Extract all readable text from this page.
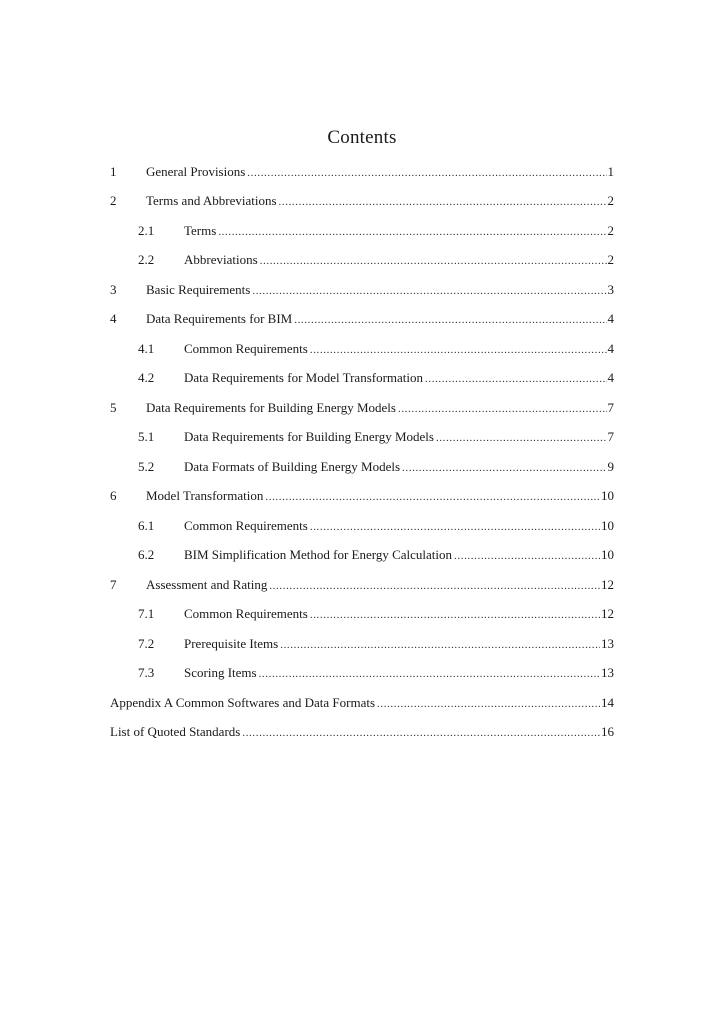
Contents
1 General Provisions .....	1
2 Terms and Abbreviations .....	2
2.1 Terms .....	2
2.2 Abbreviations .....	2
3 Basic Requirements .....	3
4 Data Requirements for BIM .....	4
4.1 Common Requirements .....	4
4.2 Data Requirements for Model Transformation .....	4
5 Data Requirements for Building Energy Models .....	7
5.1 Data Requirements for Building Energy Models .....	7
5.2 Data Formats of Building Energy Models .....	9
6 Model Transformation .....	10
6.1 Common Requirements .....	10
6.2 BIM Simplification Method for Energy Calculation .....	10
7 Assessment and Rating .....	12
7.1 Common Requirements .....	12
7.2 Prerequisite Items .....	13
7.3 Scoring Items .....	13
Appendix A Common Softwares and Data Formats .....	14
List of Quoted Standards .....	16
